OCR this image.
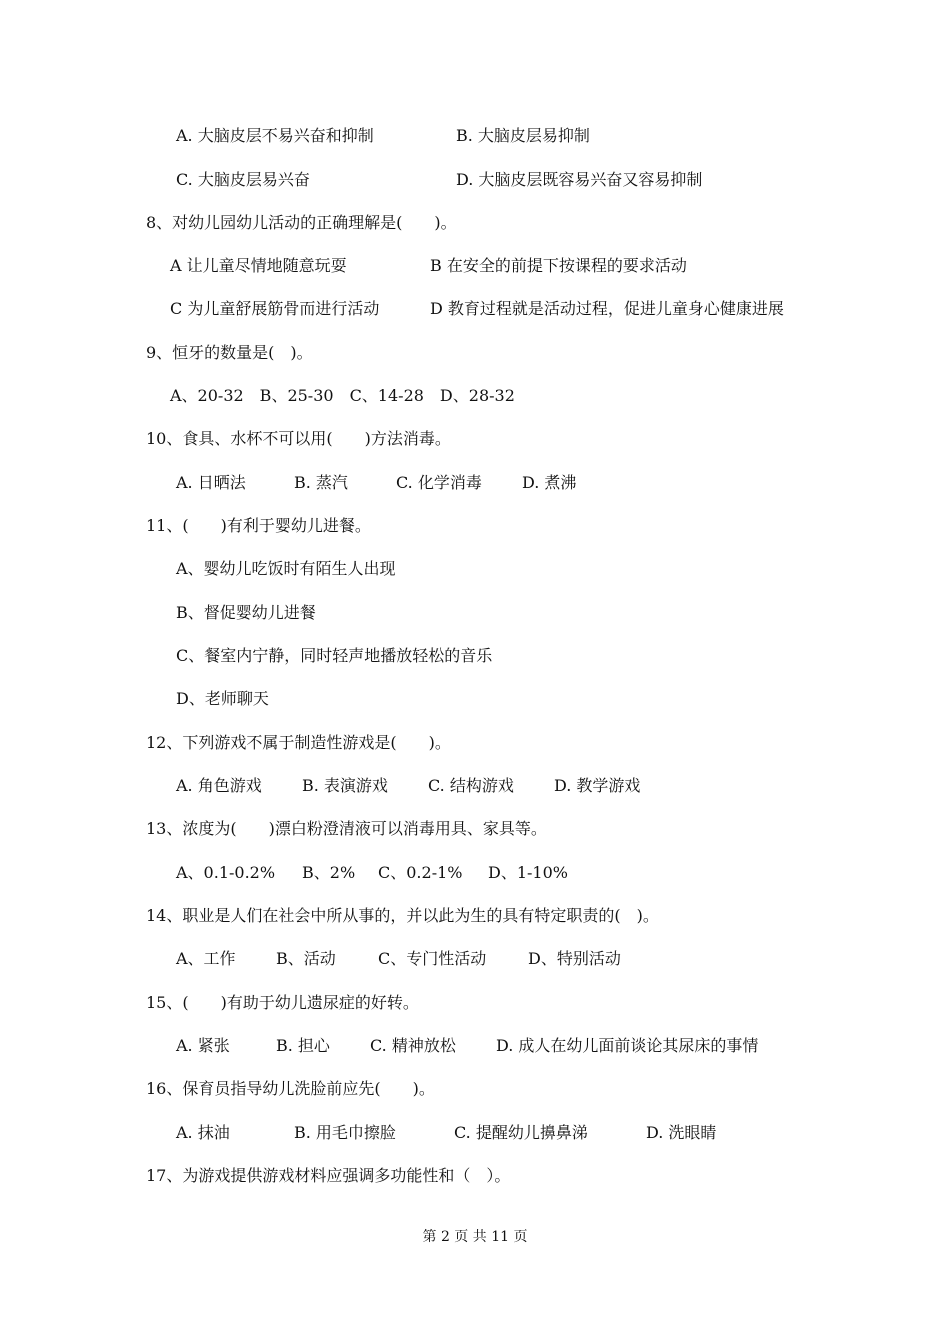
A. 大脑皮层不易兴奋和抑制	B. 大脑皮层易抑制
C. 大脑皮层易兴奋	D. 大脑皮层既容易兴奋又容易抑制
8、对幼儿园幼儿活动的正确理解是(　　)。
A 让儿童尽情地随意玩耍	B 在安全的前提下按课程的要求活动
C 为儿童舒展筋骨而进行活动	D 教育过程就是活动过程，促进儿童身心健康进展
9、恒牙的数量是(　)。
A、20-32　B、25-30　C、14-28　D、28-32
10、食具、水杯不可以用(　　)方法消毒。
A. 日晒法	B. 蒸汽	C. 化学消毒	D. 煮沸
11、(　　)有利于婴幼儿进餐。
A、婴幼儿吃饭时有陌生人出现
B、督促婴幼儿进餐
C、餐室内宁静，同时轻声地播放轻松的音乐
D、老师聊天
12、下列游戏不属于制造性游戏是(　　)。
A. 角色游戏	B. 表演游戏	C. 结构游戏	D. 教学游戏
13、浓度为(　　)漂白粉澄清液可以消毒用具、家具等。
A、0.1-0.2% B、2% C、0.2-1% D、1-10%
14、职业是人们在社会中所从事的，并以此为生的具有特定职责的(　)。
A、工作	B、活动	C、专门性活动	D、特别活动
15、(　　)有助于幼儿遗尿症的好转。
A. 紧张	B. 担心	C. 精神放松	D. 成人在幼儿面前谈论其尿床的事情
16、保育员指导幼儿洗脸前应先(　　)。
A. 抹油	B. 用毛巾擦脸	C. 提醒幼儿擤鼻涕	D. 洗眼睛
17、为游戏提供游戏材料应强调多功能性和（　）。
第 2 页 共 11 页
